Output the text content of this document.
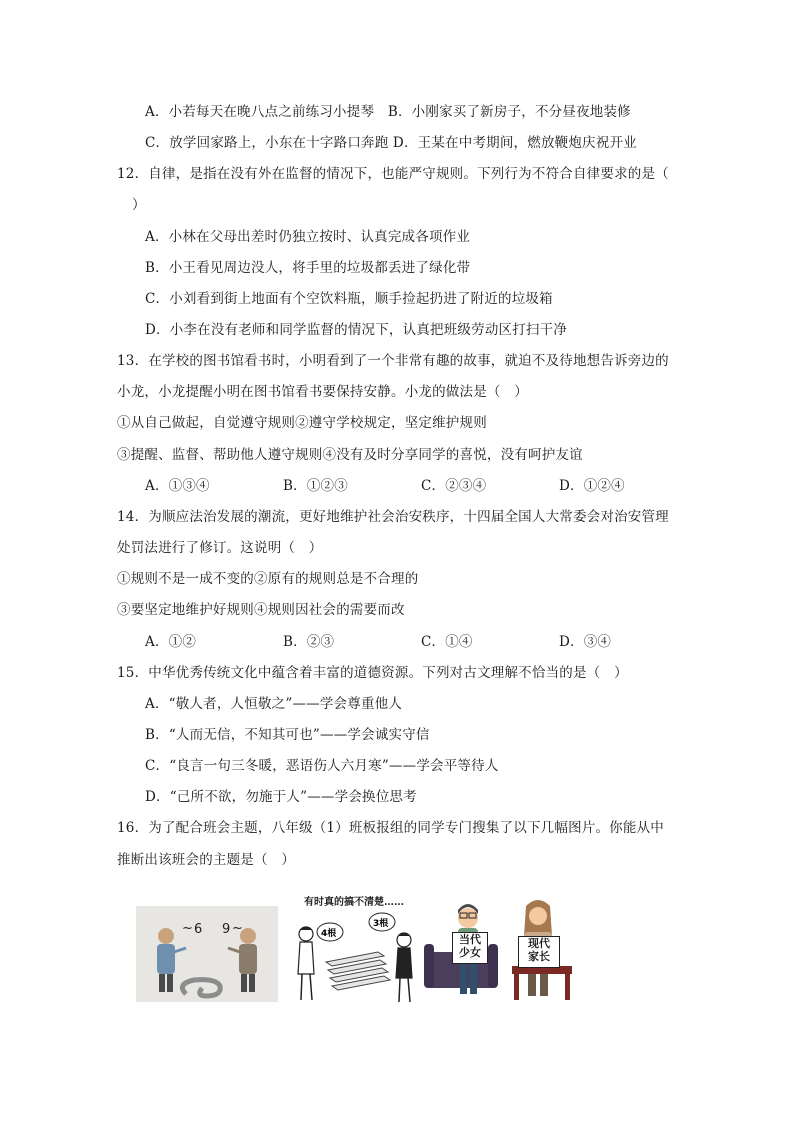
A．小若每天在晚八点之前练习小提琴　B．小刚家买了新房子，不分昼夜地装修
C．放学回家路上，小东在十字路口奔跑 D．王某在中考期间，燃放鞭炮庆祝开业
12．自律，是指在没有外在监督的情况下，也能严守规则。下列行为不符合自律要求的是（
）
A．小林在父母出差时仍独立按时、认真完成各项作业
B．小王看见周边没人，将手里的垃圾都丢进了绿化带
C．小刘看到街上地面有个空饮料瓶，顺手捡起扔进了附近的垃圾箱
D．小李在没有老师和同学监督的情况下，认真把班级劳动区打扫干净
13．在学校的图书馆看书时，小明看到了一个非常有趣的故事，就迫不及待地想告诉旁边的
小龙，小龙提醒小明在图书馆看书要保持安静。小龙的做法是（　）
①从自己做起，自觉遵守规则②遵守学校规定，坚定维护规则
③提醒、监督、帮助他人遵守规则④没有及时分享同学的喜悦，没有呵护友谊
A．①③④	B．①②③	C．②③④	D．①②④
14．为顺应法治发展的潮流，更好地维护社会治安秩序，十四届全国人大常委会对治安管理
处罚法进行了修订。这说明（　）
①规则不是一成不变的②原有的规则总是不合理的
③要坚定地维护好规则④规则因社会的需要而改
A．①②	B．②③	C．①④	D．③④
15．中华优秀传统文化中蕴含着丰富的道德资源。下列对古文理解不恰当的是（　）
A．“敬人者，人恒敬之”——学会尊重他人
B．“人而无信，不知其可也”——学会诚实守信
C．“良言一句三冬暖，恶语伤人六月寒”——学会平等待人
D．“己所不欲，勿施于人”——学会换位思考
16．为了配合班会主题，八年级（1）班板报组的同学专门搜集了以下几幅图片。你能从中
推断出该班会的主题是（　）
~ 6 9 ~
有时真的搞不清楚……
4根
3根
当代
少女
现代
家长
